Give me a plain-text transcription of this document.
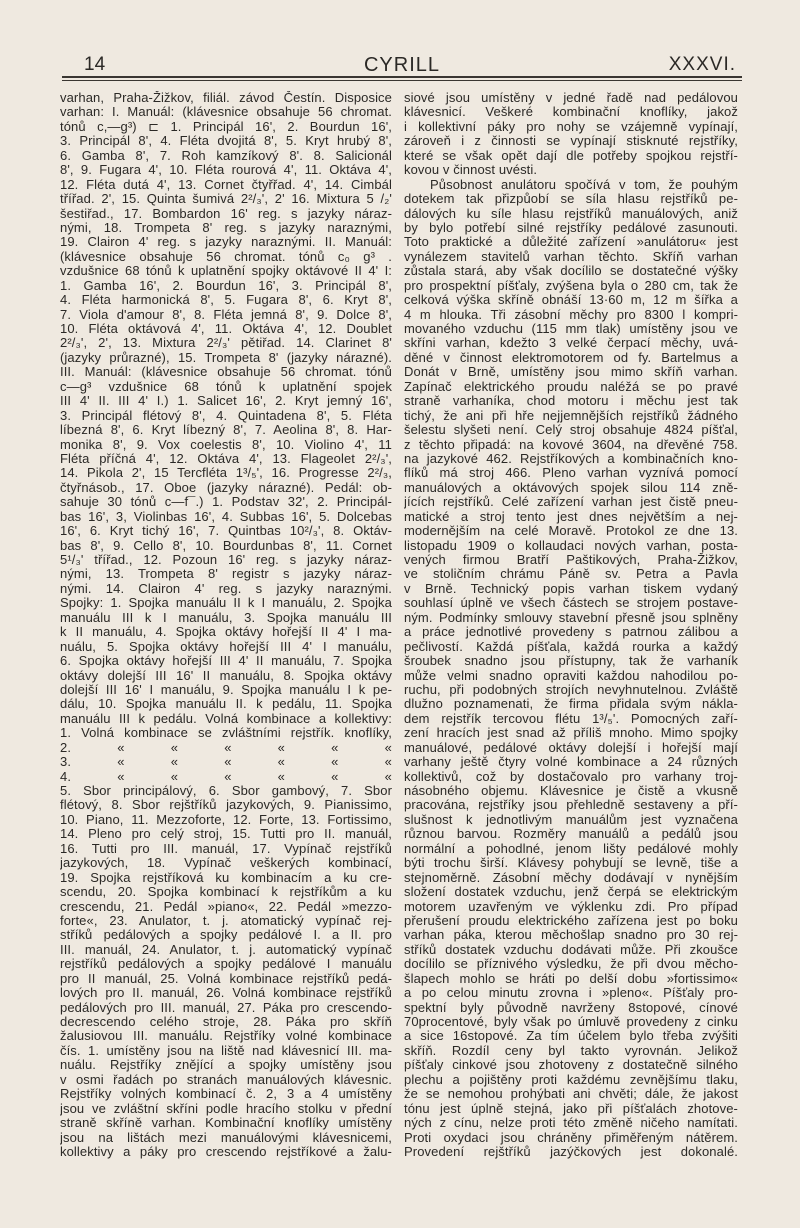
14	CYRILL	XXXVI.
varhan, Praha-Žižkov, filiál. závod Čestín. Disposice
varhan: I. Manuál: (klávesnice obsahuje 56 chromat.
tónů c,—g³) ⊏ 1. Principál 16', 2. Bourdun 16',
3. Principál 8', 4. Fléta dvojitá 8', 5. Kryt hrubý 8',
6. Gamba 8', 7. Roh kamzíkový 8'. 8. Salicionál
8', 9. Fugara 4', 10. Fléta rourová 4', 11. Oktáva 4',
12. Fléta dutá 4', 13. Cornet čtyřřad. 4', 14. Cimbál
třířad. 2', 15. Quinta šumivá 2²/₃', 2' 16. Mixtura 5 /₂'
šestiřad., 17. Bombardon 16' reg. s jazyky náraz-
nými, 18. Trompeta 8' reg. s jazyky naraznými,
19. Clairon 4' reg. s jazyky naraznými. II. Manuál:
(klávesnice obsahuje 56 chromat. tónů c₀ g³ .
vzdušnice 68 tónů k uplatnění spojky oktávové II 4' I:
1. Gamba 16', 2. Bourdun 16', 3. Principál 8',
4. Fléta harmonická 8', 5. Fugara 8', 6. Kryt 8',
7. Viola d'amour 8', 8. Fléta jemná 8', 9. Dolce 8',
10. Fléta oktávová 4', 11. Oktáva 4', 12. Doublet
2²/₃', 2', 13. Mixtura 2²/₃' pětiřad. 14. Clarinet 8'
(jazyky průrazné), 15. Trompeta 8' (jazyky nárazné).
III. Manuál: (klávesnice obsahuje 56 chromat. tónů
c—g³ vzdušnice 68 tónů k uplatnění spojek
III 4' II. III 4' I.) 1. Salicet 16', 2. Kryt jemný 16',
3. Principál flétový 8', 4. Quintadena 8', 5. Fléta
líbezná 8', 6. Kryt líbezný 8', 7. Aeolina 8', 8. Har-
monika 8', 9. Vox coelestis 8', 10. Violino 4', 11
Fléta příčná 4', 12. Oktáva 4', 13. Flageolet 2²/₃',
14. Pikola 2', 15 Tercfléta 1³/₅', 16. Progresse 2²/₃,
čtyřnásob., 17. Oboe (jazyky nárazné). Pedál: ob-
sahuje 30 tónů c—f¯.) 1. Podstav 32', 2. Principál-
bas 16', 3, Violinbas 16', 4. Subbas 16', 5. Dolcebas
16', 6. Kryt tichý 16', 7. Quintbas 10²/₃', 8. Oktáv-
bas 8', 9. Cello 8', 10. Bourdunbas 8', 11. Cornet
5¹/₃' třířad., 12. Pozoun 16' reg. s jazyky náraz-
nými, 13. Trompeta 8' registr s jazyky náraz-
nými. 14. Clairon 4' reg. s jazyky naraznými.
Spojky: 1. Spojka manuálu II k I manuálu, 2. Spojka
manuálu III k I manuálu, 3. Spojka manuálu III
k II manuálu, 4. Spojka oktávy hořejší II 4' I ma-
nuálu, 5. Spojka oktávy hořejší III 4' I manuálu,
6. Spojka oktávy hořejší III 4' II manuálu, 7. Spojka
oktávy dolejší III 16' II manuálu, 8. Spojka oktávy
dolejší III 16' I manuálu, 9. Spojka manuálu I k pe-
dálu, 10. Spojka manuálu II. k pedálu, 11. Spojka
manuálu III k pedálu. Volná kombinace a kollektivy:
1. Volná kombinace se zvláštními rejstřík. knoflíky,
2. « « « « « «
3. « « « « « «
4. « « « « « «
5. Sbor principálový, 6. Sbor gambový, 7. Sbor
flétový, 8. Sbor rejštříků jazykových, 9. Pianissimo,
10. Piano, 11. Mezzoforte, 12. Forte, 13. Fortissimo,
14. Pleno pro celý stroj, 15. Tutti pro II. manuál,
16. Tutti pro III. manuál, 17. Vypínač rejstříků
jazykových, 18. Vypínač veškerých kombinací,
19. Spojka rejstříková ku kombinacím a ku cre-
scendu, 20. Spojka kombinací k rejstříkům a ku
crescendu, 21. Pedál »piano«, 22. Pedál »mezzo-
forte«, 23. Anulator, t. j. atomatický vypínač rej-
stříků pedálových a spojky pedálové I. a II. pro
III. manuál, 24. Anulator, t. j. automatický vypínač
rejstříků pedálových a spojky pedálové I manuálu
pro II manuál, 25. Volná kombinace rejstříků pedá-
lových pro II. manuál, 26. Volná kombinace rejstříků
pedálových pro III. manuál, 27. Páka pro crescendo-
decrescendo celého stroje, 28. Páka pro skříň
žalusiovou III. manuálu. Rejstříky volné kombinace
čís. 1. umístěny jsou na liště nad klávesnicí III. ma-
nuálu. Rejstříky znějící a spojky umístěny jsou
v osmi řadách po stranách manuálových klávesnic.
Rejstříky volných kombinací č. 2, 3 a 4 umístěny
jsou ve zvláštní skříni podle hracího stolku v přední
straně skříně varhan. Kombinační knoflíky umístěny
jsou na lištách mezi manuálovými klávesnicemi,
kollektivy a páky pro crescendo rejstříkové a žalu-
siové jsou umístěny v jedné řadě nad pedálovou
klávesnicí. Veškeré kombinační knoflíky, jakož
i kollektivní páky pro nohy se vzájemně vypínají,
zároveň i z činnosti se vypínají stisknuté rejstříky,
které se však opět dají dle potřeby spojkou rejstří-
kovou v činnost uvésti.
Působnost anulátoru spočívá v tom, že pouhým
dotekem tak přizpůobí se síla hlasu rejstříků pe-
dálových ku síle hlasu rejstříků manuálových, aniž
by bylo potřebí silné rejstříky pedálové zasunouti.
Toto praktické a důležité zařízení »anulátoru« jest
vynálezem stavitelů varhan těchto. Skříň varhan
zůstala stará, aby však docílilo se dostatečné výšky
pro prospektní píšťaly, zvýšena byla o 280 cm, tak že
celková výška skříně obnáší 13·60 m, 12 m šířka a
4 m hlouka. Tři zásobní měchy pro 8300 l kompri-
movaného vzduchu (115 mm tlak) umístěny jsou ve
skříni varhan, kdežto 3 velké čerpací měchy, uvá-
děné v činnost elektromotorem od fy. Bartelmus a
Donát v Brně, umístěny jsou mimo skříň varhan.
Zapínač elektrického proudu naléžá se po pravé
straně varhaníka, chod motoru i měchu jest tak
tichý, že ani při hře nejjemnějších rejstříků žádného
šelestu slyšeti není. Celý stroj obsahuje 4824 píšťal,
z těchto připadá: na kovové 3604, na dřevěné 758.
na jazykové 462. Rejstříkových a kombinačních kno-
flíků má stroj 466. Pleno varhan vyznívá pomocí
manuálových a oktávových spojek silou 114 zně-
jících rejstříků. Celé zařízení varhan jest čistě pneu-
matické a stroj tento jest dnes největším a nej-
modernějším na celé Moravě. Protokol ze dne 13.
listopadu 1909 o kollaudaci nových varhan, posta-
vených firmou Bratří Paštikových, Praha-Žižkov,
ve stoličním chrámu Páně sv. Petra a Pavla
v Brně. Technický popis varhan tiskem vydaný
souhlasí úplně ve všech částech se strojem postave-
ným. Podmínky smlouvy stavební přesně jsou splněny
a práce jednotlivé provedeny s patrnou zálibou a
pečlivostí. Každá píšťala, každá rourka a každý
šroubek snadno jsou přístupny, tak že varhaník
může velmi snadno opraviti každou nahodilou po-
ruchu, při podobných strojích nevyhnutelnou. Zvláště
dlužno poznamenati, že firma přidala svým nákla-
dem rejstřík tercovou flétu 1³/₅'. Pomocných zaří-
zení hracích jest snad až příliš mnoho. Mimo spojky
manuálové, pedálové oktávy dolejší i hořejší mají
varhany ještě čtyry volné kombinace a 24 různých
kollektivů, což by dostačovalo pro varhany troj-
násobného objemu. Klávesnice je čistě a vkusně
pracována, rejstříky jsou přehledně sestaveny a pří-
slušnost k jednotlivým manuálům jest vyznačena
různou barvou. Rozměry manuálů a pedálů jsou
normální a pohodlné, jenom lišty pedálové mohly
býti trochu širší. Klávesy pohybují se levně, tiše a
stejnoměrně. Zásobní měchy dodávají v nynějším
složení dostatek vzduchu, jenž čerpá se elektrickým
motorem uzavřeným ve výklenku zdi. Pro případ
přerušení proudu elektrického zařízena jest po boku
varhan páka, kterou měchošlap snadno pro 30 rej-
stříků dostatek vzduchu dodávati může. Při zkoušce
docílilo se příznivého výsledku, že při dvou měcho-
šlapech mohlo se hráti po delší dobu »fortissimo«
a po celou minutu zrovna i »pleno«. Píšťaly pro-
spektní byly původně navrženy 8stopové, cínové
70procentové, byly však po úmluvě provedeny z cinku
a sice 16stopové. Za tím účelem bylo třeba zvýšiti
skříň. Rozdíl ceny byl takto vyrovnán. Jelikož
píšťaly cinkové jsou zhotoveny z dostatečně silného
plechu a pojištěny proti každému zevnějšímu tlaku,
že se nemohou prohýbati ani chvěti; dále, že jakost
tónu jest úplně stejná, jako při píšťalách zhotove-
ných z cínu, nelze proti této změně ničeho namítati.
Proti oxydaci jsou chráněny přiměřeným nátěrem.
Provedení rejštříků jazýčkových jest dokonalé.
